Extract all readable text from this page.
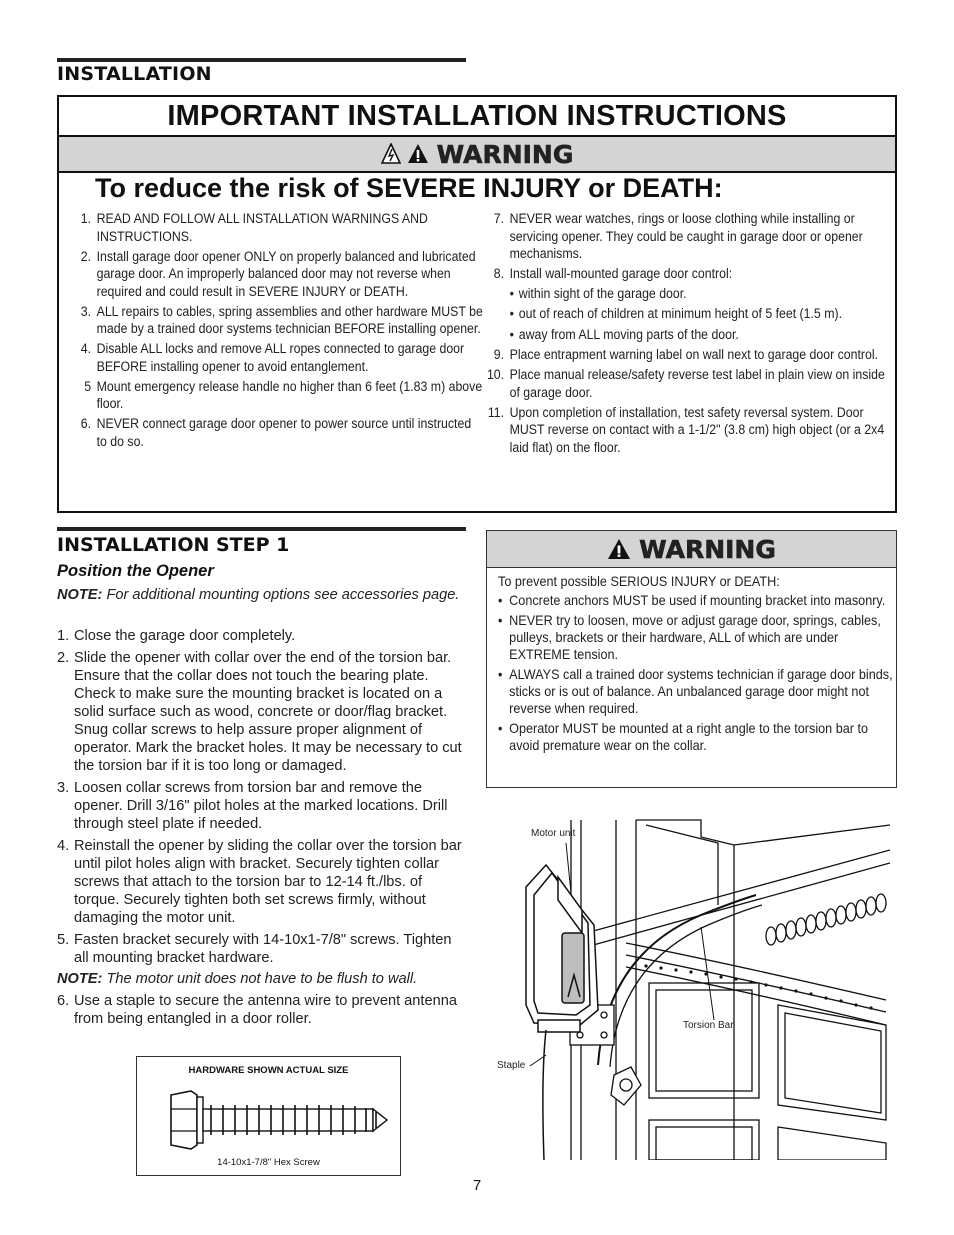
INSTALLATION
IMPORTANT INSTALLATION INSTRUCTIONS
WARNING
To reduce the risk of SEVERE INJURY or DEATH:
1. READ AND FOLLOW ALL INSTALLATION WARNINGS AND INSTRUCTIONS.
2. Install garage door opener ONLY on properly balanced and lubricated garage door. An improperly balanced door may not reverse when required and could result in SEVERE INJURY or DEATH.
3. ALL repairs to cables, spring assemblies and other hardware MUST be made by a trained door systems technician BEFORE installing opener.
4. Disable ALL locks and remove ALL ropes connected to garage door BEFORE installing opener to avoid entanglement.
5 Mount emergency release handle no higher than 6 feet (1.83 m) above floor.
6. NEVER connect garage door opener to power source until instructed to do so.
7. NEVER wear watches, rings or loose clothing while installing or servicing opener. They could be caught in garage door or opener mechanisms.
8. Install wall-mounted garage door control:
• within sight of the garage door.
• out of reach of children at minimum height of 5 feet (1.5 m).
• away from ALL moving parts of the door.
9. Place entrapment warning label on wall next to garage door control.
10. Place manual release/safety reverse test label in plain view on inside of garage door.
11. Upon completion of installation, test safety reversal system. Door MUST reverse on contact with a 1-1/2" (3.8 cm) high object (or a 2x4 laid flat) on the floor.
INSTALLATION STEP 1
Position the Opener
NOTE: For additional mounting options see accessories page.
1. Close the garage door completely.
2. Slide the opener with collar over the end of the torsion bar. Ensure that the collar does not touch the bearing plate. Check to make sure the mounting bracket is located on a solid surface such as wood, concrete or door/flag bracket. Snug collar screws to help assure proper alignment of operator. Mark the bracket holes. It may be necessary to cut the torsion bar if it is too long or damaged.
3. Loosen collar screws from torsion bar and remove the opener. Drill 3/16" pilot holes at the marked locations. Drill through steel plate if needed.
4. Reinstall the opener by sliding the collar over the torsion bar until pilot holes align with bracket. Securely tighten collar screws that attach to the torsion bar to 12-14 ft./lbs. of torque. Securely tighten both set screws firmly, without damaging the motor unit.
5. Fasten bracket securely with 14-10x1-7/8" screws. Tighten all mounting bracket hardware.
NOTE: The motor unit does not have to be flush to wall.
6. Use a staple to secure the antenna wire to prevent antenna from being entangled in a door roller.
HARDWARE SHOWN ACTUAL SIZE
14-10x1-7/8" Hex Screw
WARNING
To prevent possible SERIOUS INJURY or DEATH:
• Concrete anchors MUST be used if mounting bracket into masonry.
• NEVER try to loosen, move or adjust garage door, springs, cables, pulleys, brackets or their hardware, ALL of which are under EXTREME tension.
• ALWAYS call a trained door systems technician if garage door binds, sticks or is out of balance. An unbalanced garage door might not reverse when required.
• Operator MUST be mounted at a right angle to the torsion bar to avoid premature wear on the collar.
Motor unit
Torsion Bar
Staple
7
